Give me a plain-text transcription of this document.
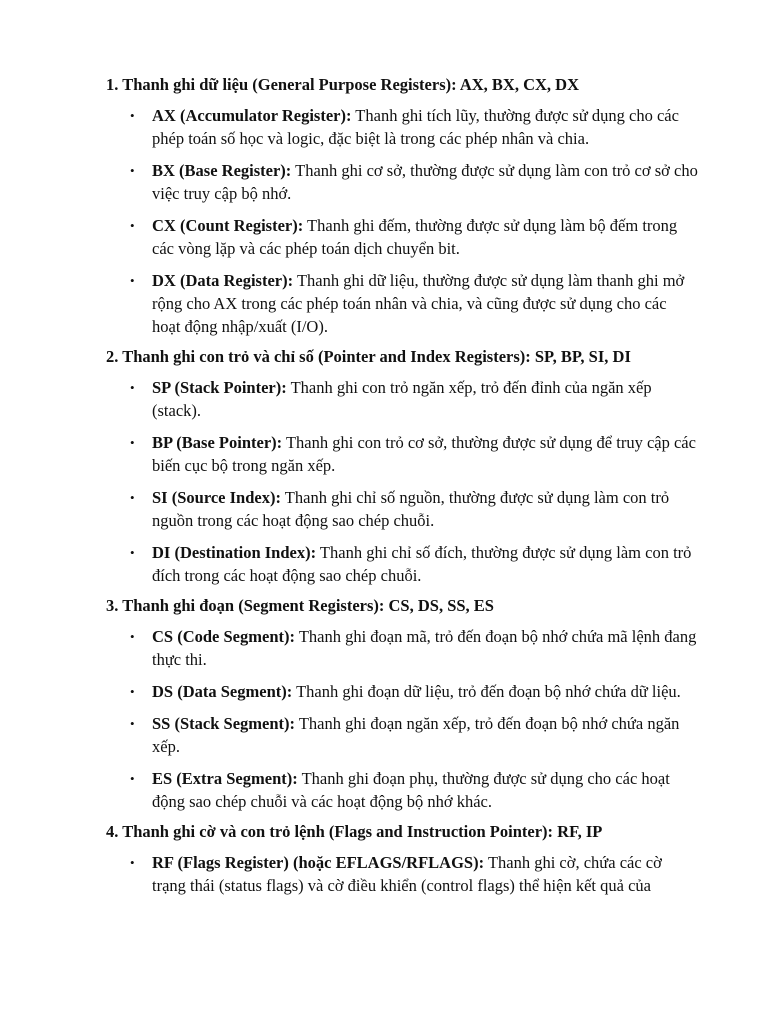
1. Thanh ghi dữ liệu (General Purpose Registers): AX, BX, CX, DX
• AX (Accumulator Register): Thanh ghi tích lũy, thường được sử dụng cho các phép toán số học và logic, đặc biệt là trong các phép nhân và chia.
• BX (Base Register): Thanh ghi cơ sở, thường được sử dụng làm con trỏ cơ sở cho việc truy cập bộ nhớ.
• CX (Count Register): Thanh ghi đếm, thường được sử dụng làm bộ đếm trong các vòng lặp và các phép toán dịch chuyển bit.
• DX (Data Register): Thanh ghi dữ liệu, thường được sử dụng làm thanh ghi mở rộng cho AX trong các phép toán nhân và chia, và cũng được sử dụng cho các hoạt động nhập/xuất (I/O).
2. Thanh ghi con trỏ và chỉ số (Pointer and Index Registers): SP, BP, SI, DI
• SP (Stack Pointer): Thanh ghi con trỏ ngăn xếp, trỏ đến đỉnh của ngăn xếp (stack).
• BP (Base Pointer): Thanh ghi con trỏ cơ sở, thường được sử dụng để truy cập các biến cục bộ trong ngăn xếp.
• SI (Source Index): Thanh ghi chỉ số nguồn, thường được sử dụng làm con trỏ nguồn trong các hoạt động sao chép chuỗi.
• DI (Destination Index): Thanh ghi chỉ số đích, thường được sử dụng làm con trỏ đích trong các hoạt động sao chép chuỗi.
3. Thanh ghi đoạn (Segment Registers): CS, DS, SS, ES
• CS (Code Segment): Thanh ghi đoạn mã, trỏ đến đoạn bộ nhớ chứa mã lệnh đang thực thi.
• DS (Data Segment): Thanh ghi đoạn dữ liệu, trỏ đến đoạn bộ nhớ chứa dữ liệu.
• SS (Stack Segment): Thanh ghi đoạn ngăn xếp, trỏ đến đoạn bộ nhớ chứa ngăn xếp.
• ES (Extra Segment): Thanh ghi đoạn phụ, thường được sử dụng cho các hoạt động sao chép chuỗi và các hoạt động bộ nhớ khác.
4. Thanh ghi cờ và con trỏ lệnh (Flags and Instruction Pointer): RF, IP
• RF (Flags Register) (hoặc EFLAGS/RFLAGS): Thanh ghi cờ, chứa các cờ trạng thái (status flags) và cờ điều khiển (control flags) thể hiện kết quả của
